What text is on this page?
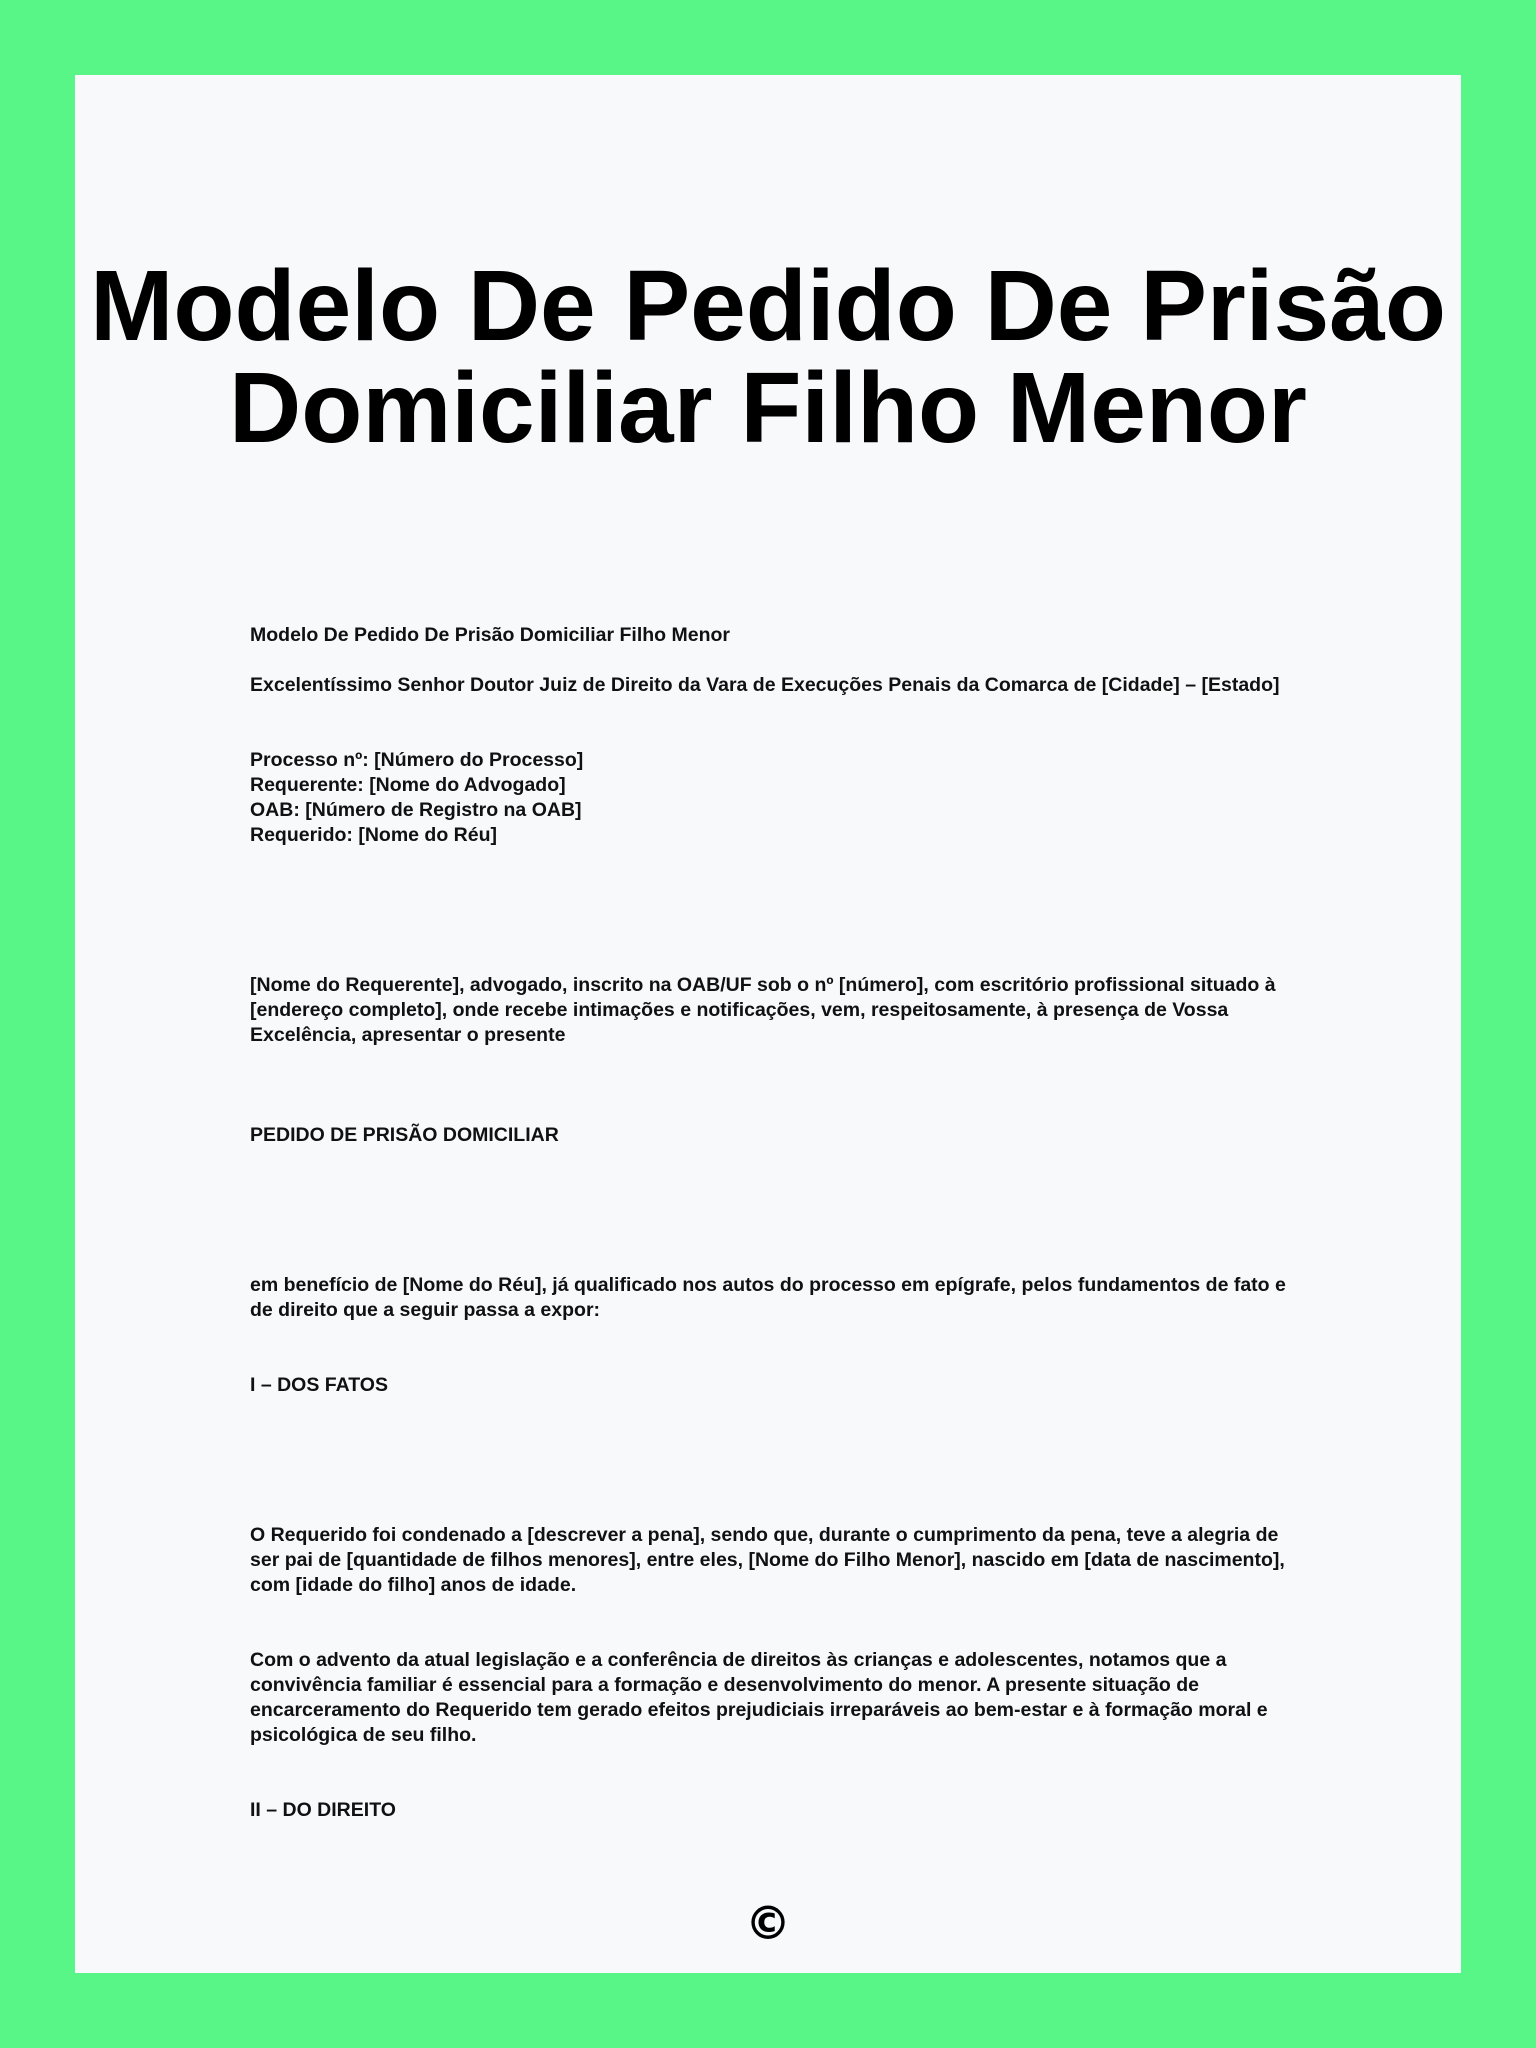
Modelo De Pedido De Prisão Domiciliar Filho Menor

Modelo De Pedido De Prisão Domiciliar Filho Menor

Excelentíssimo Senhor Doutor Juiz de Direito da Vara de Execuções Penais da Comarca de [Cidade] – [Estado]

Processo nº: [Número do Processo]

Requerente: [Nome do Advogado]

OAB: [Número de Registro na OAB]

Requerido: [Nome do Réu]

[Nome do Requerente], advogado, inscrito na OAB/UF sob o nº [número], com escritório profissional situado à [endereço completo], onde recebe intimações e notificações, vem, respeitosamente, à presença de Vossa Excelência, apresentar o presente

PEDIDO DE PRISÃO DOMICILIAR

em benefício de [Nome do Réu], já qualificado nos autos do processo em epígrafe, pelos fundamentos de fato e de direito que a seguir passa a expor:

I – DOS FATOS

O Requerido foi condenado a [descrever a pena], sendo que, durante o cumprimento da pena, teve a alegria de ser pai de [quantidade de filhos menores], entre eles, [Nome do Filho Menor], nascido em [data de nascimento], com [idade do filho] anos de idade.

Com o advento da atual legislação e a conferência de direitos às crianças e adolescentes, notamos que a convivência familiar é essencial para a formação e desenvolvimento do menor. A presente situação de encarceramento do Requerido tem gerado efeitos prejudiciais irreparáveis ao bem-estar e à formação moral e psicológica de seu filho.

II – DO DIREITO

©
